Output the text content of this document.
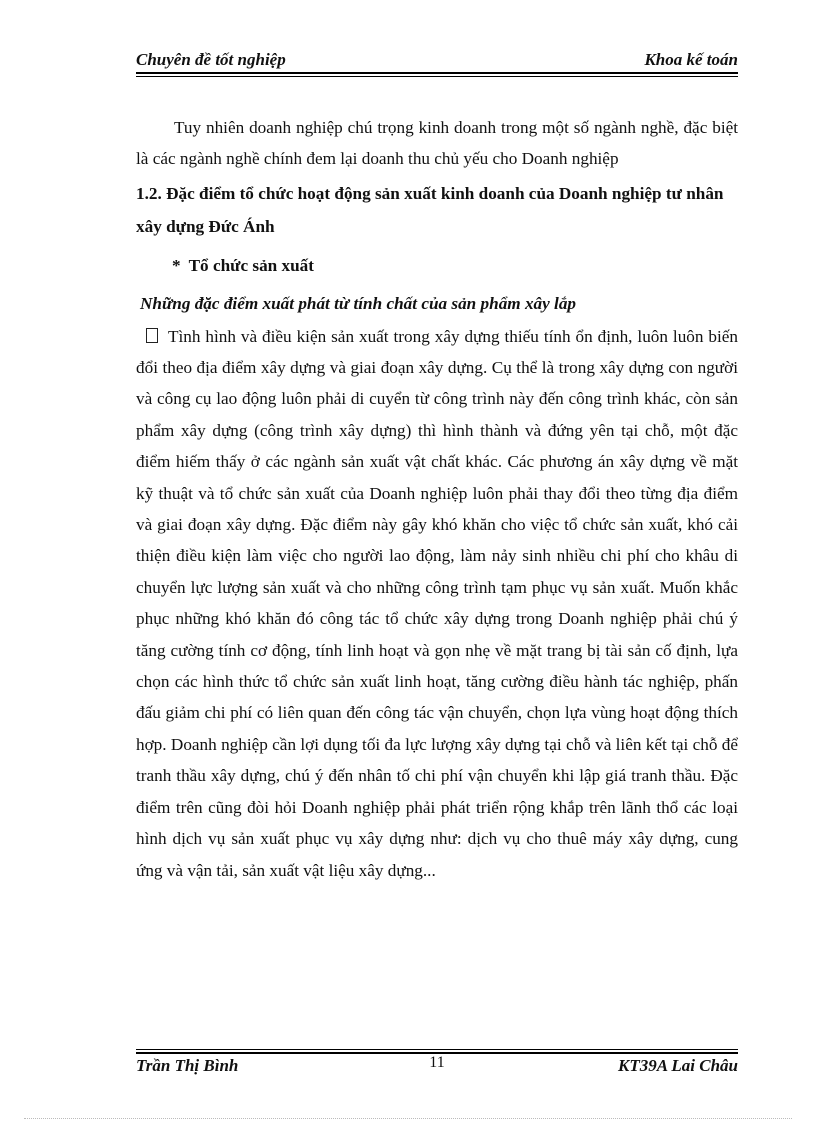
Chuyên đề tốt nghiệp	Khoa kế toán

Tuy nhiên doanh nghiệp chú trọng kinh doanh trong một số ngành nghề, đặc biệt là các ngành nghề chính đem lại doanh thu chủ yếu cho Doanh nghiệp

1.2. Đặc điểm tổ chức hoạt động sản xuất kinh doanh của Doanh nghiệp tư nhân xây dựng Đức Ánh

* Tổ chức sản xuất

Những đặc điểm xuất phát từ tính chất của sản phẩm xây lắp

Tình hình và điều kiện sản xuất trong xây dựng thiếu tính ổn định, luôn luôn biến đổi theo địa điểm xây dựng và giai đoạn xây dựng. Cụ thể là trong xây dựng con người và công cụ lao động luôn phải di cuyển từ công trình này đến công trình khác, còn sản phẩm xây dựng (công trình xây dựng) thì hình thành và đứng yên tại chỗ, một đặc điểm hiếm thấy ở các ngành sản xuất vật chất khác. Các phương án xây dựng về mặt kỹ thuật và tổ chức sản xuất của Doanh nghiệp luôn phải thay đổi theo từng địa điểm và giai đoạn xây dựng. Đặc điểm này gây khó khăn cho việc tổ chức sản xuất, khó cải thiện điều kiện làm việc cho người lao động, làm nảy sinh nhiều chi phí cho khâu di chuyển lực lượng sản xuất và cho những công trình tạm phục vụ sản xuất. Muốn khắc phục những khó khăn đó công tác tổ chức xây dựng trong Doanh nghiệp phải chú ý tăng cường tính cơ động, tính linh hoạt và gọn nhẹ về mặt trang bị tài sản cố định, lựa chọn các hình thức tổ chức sản xuất linh hoạt, tăng cường điều hành tác nghiệp, phấn đấu giảm chi phí có liên quan đến công tác vận chuyển, chọn lựa vùng hoạt động thích hợp. Doanh nghiệp cần lợi dụng tối đa lực lượng xây dựng tại chỗ và liên kết tại chỗ để tranh thầu xây dựng, chú ý đến nhân tố chi phí vận chuyển khi lập giá tranh thầu. Đặc điểm trên cũng đòi hỏi Doanh nghiệp phải phát triển rộng khắp trên lãnh thổ các loại hình dịch vụ sản xuất phục vụ xây dựng như: dịch vụ cho thuê máy xây dựng, cung ứng và vận tải, sản xuất vật liệu xây dựng...

Trần Thị Bình	11	KT39A Lai Châu
